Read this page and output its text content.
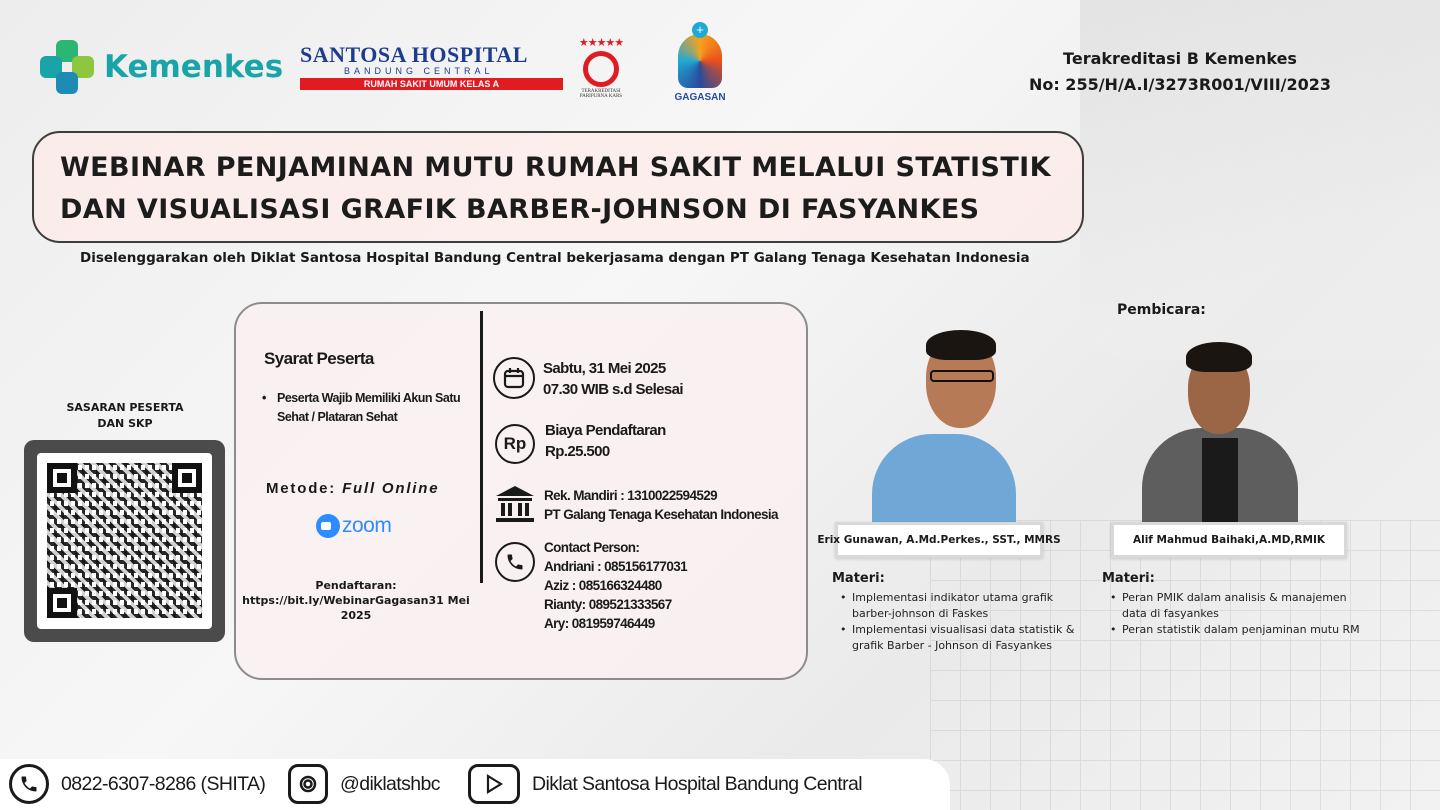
Kemenkes SANTOSA HOSPITAL
BANDUNG CENTRAL
RUMAH SAKIT UMUM KELAS A
★★★★★
TERAKREDITASI PARIPURNA KARS
+
GAGASAN
Terakreditasi B Kemenkes
No: 255/H/A.I/3273R001/VIII/2023
WEBINAR PENJAMINAN MUTU RUMAH SAKIT MELALUI STATISTIK
DAN VISUALISASI GRAFIK BARBER-JOHNSON DI FASYANKES
Diselenggarakan oleh Diklat Santosa Hospital Bandung Central bekerjasama dengan PT Galang Tenaga Kesehatan Indonesia
SASARAN PESERTA
DAN SKP
Syarat Peserta
• Peserta Wajib Memiliki Akun Satu Sehat / Plataran Sehat
Metode: Full Online
zoom
Pendaftaran:
https://bit.ly/WebinarGagasan31 Mei 2025
Sabtu, 31 Mei 2025
07.30 WIB s.d Selesai
Rp
Biaya Pendaftaran
Rp.25.500
Rek. Mandiri : 1310022594529
PT Galang Tenaga Kesehatan Indonesia
Contact Person:
Andriani : 085156177031
Aziz : 085166324480
Rianty: 089521333567
Ary: 081959746449
Pembicara:
Erix Gunawan, A.Md.Perkes., SST., MMRS	Alif Mahmud Baihaki,A.MD,RMIK
Materi:
• Implementasi indikator utama grafik barber-johnson di Faskes
• Implementasi visualisasi data statistik & grafik Barber - Johnson di Fasyankes
Materi:
• Peran PMIK dalam analisis & manajemen data di fasyankes
• Peran statistik dalam penjaminan mutu RM
0822-6307-8286 (SHITA)	@diklatshbc	Diklat Santosa Hospital Bandung Central
